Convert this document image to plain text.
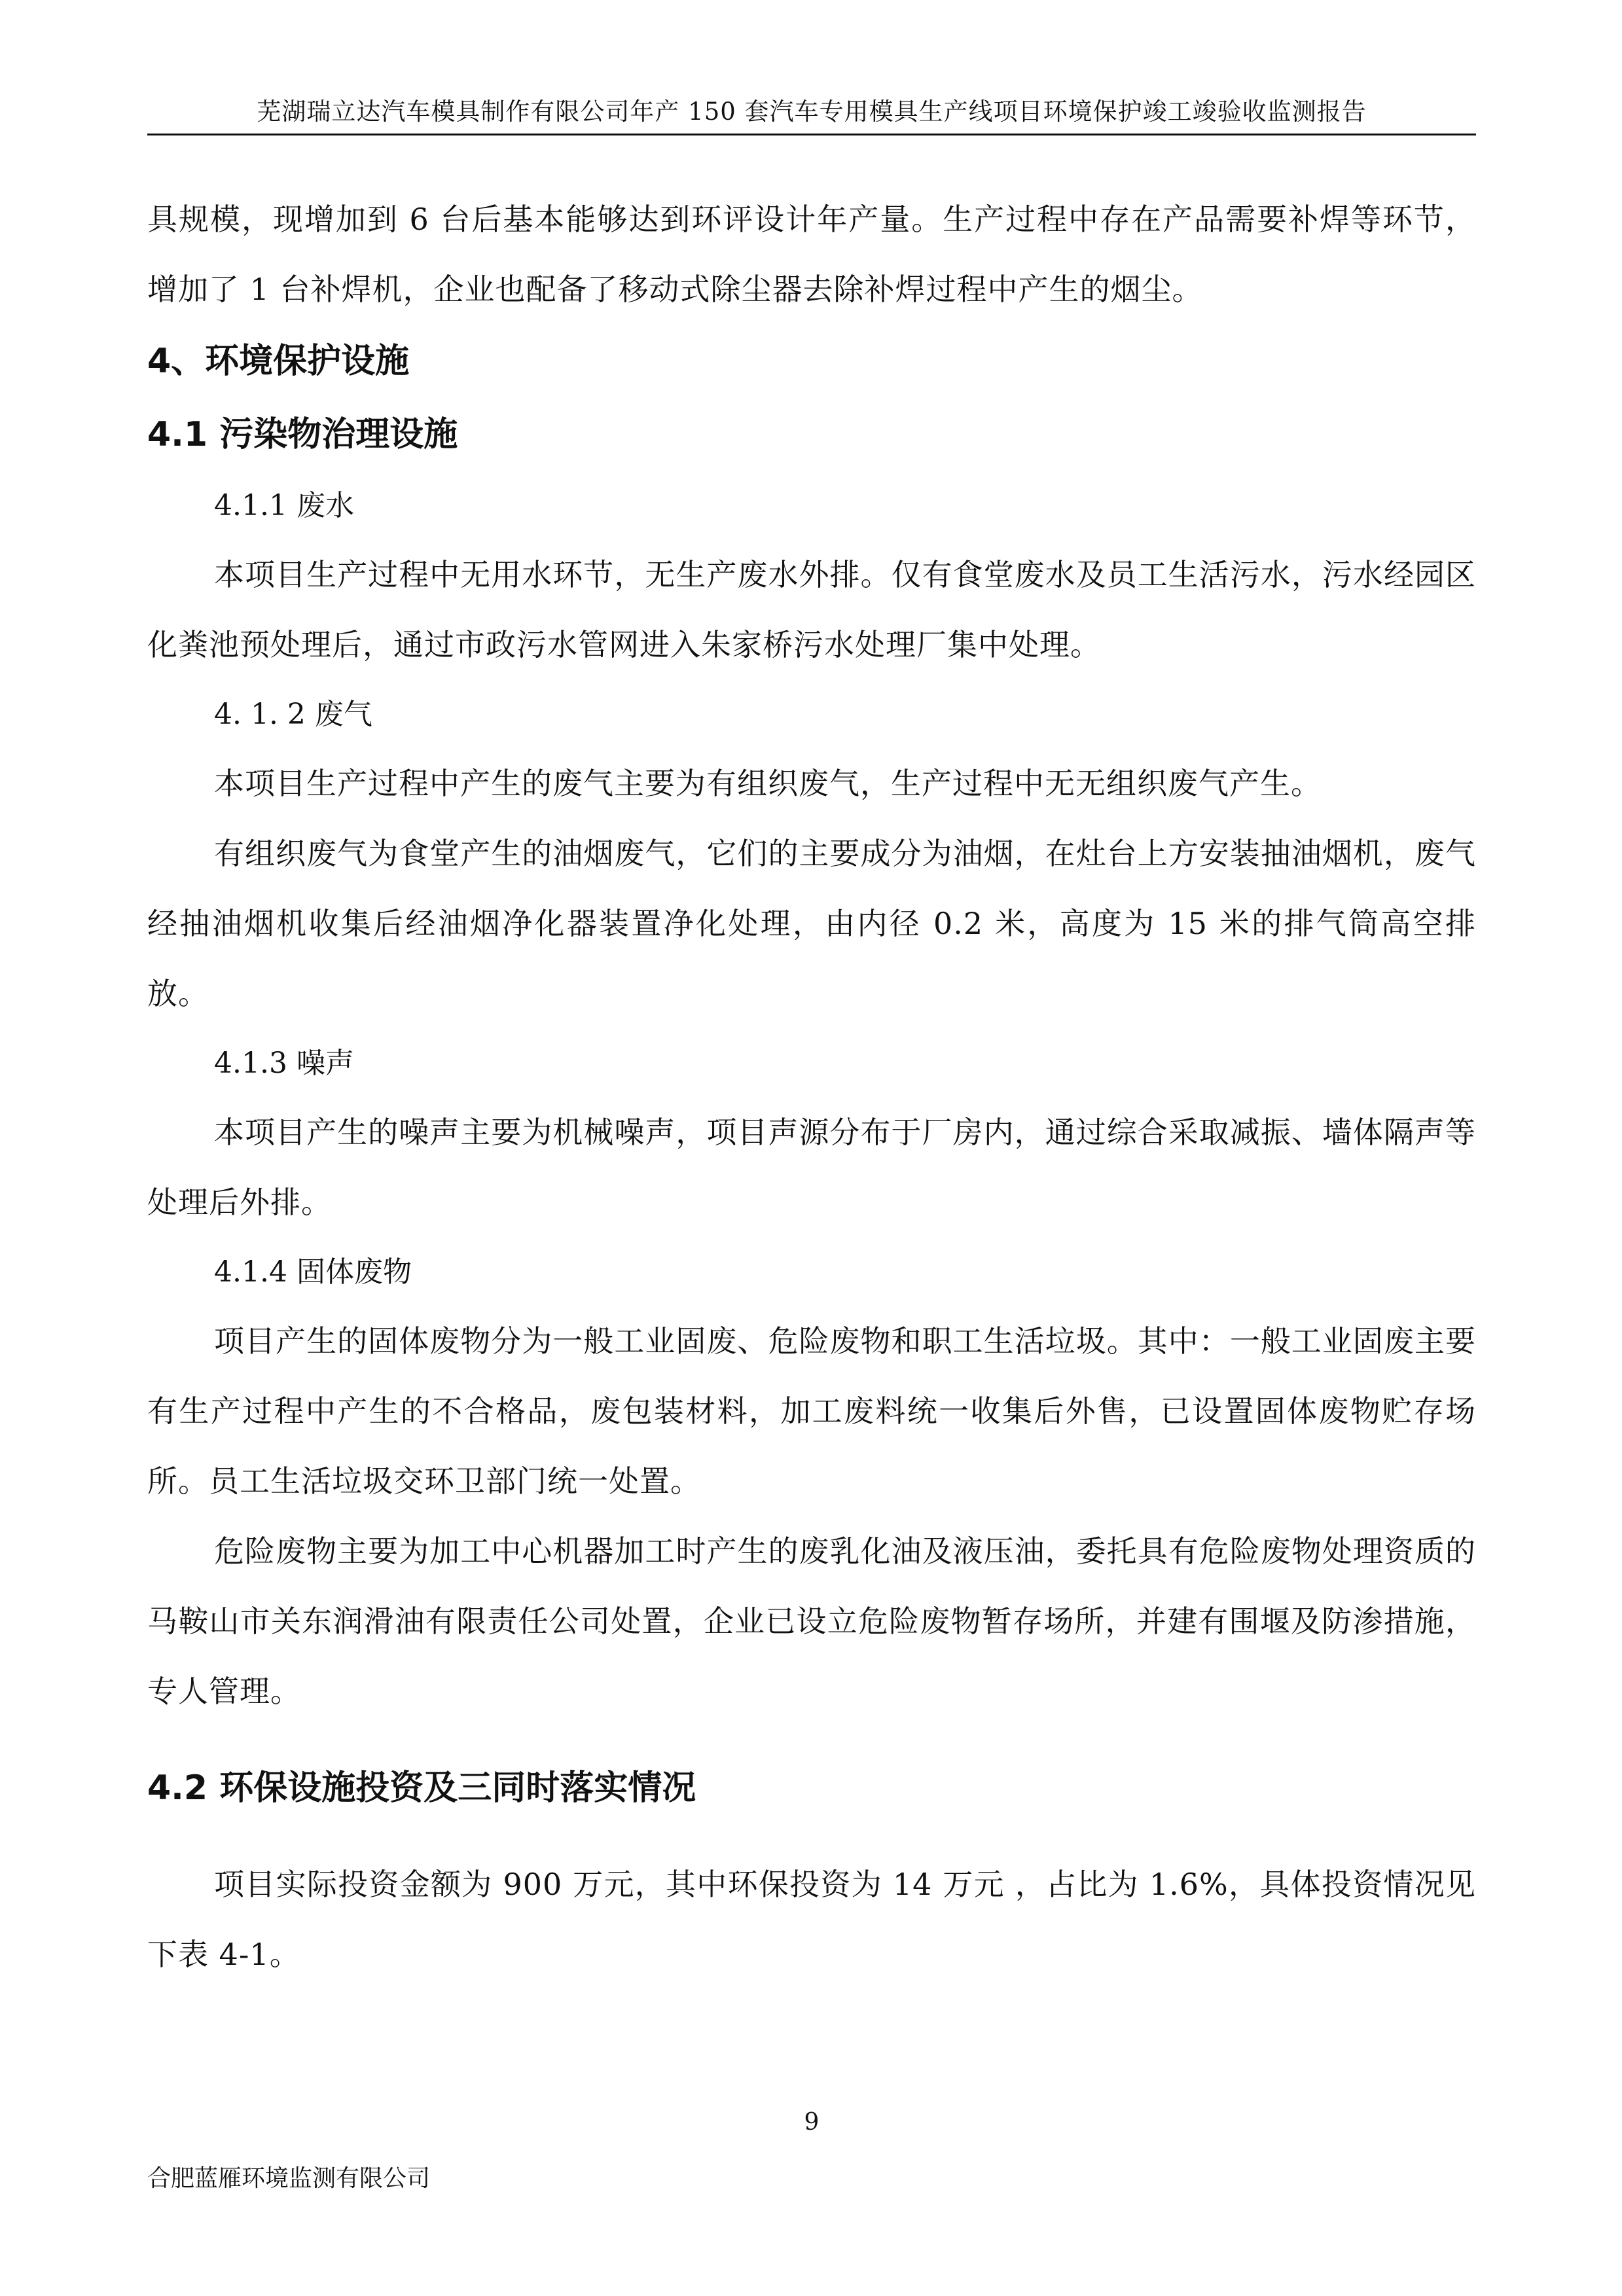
芜湖瑞立达汽车模具制作有限公司年产 150 套汽车专用模具生产线项目环境保护竣工竣验收监测报告

具规模，现增加到 6 台后基本能够达到环评设计年产量。生产过程中存在产品需要补焊等环节，增加了 1 台补焊机，企业也配备了移动式除尘器去除补焊过程中产生的烟尘。

4、环境保护设施
4.1 污染物治理设施

4.1.1 废水

本项目生产过程中无用水环节，无生产废水外排。仅有食堂废水及员工生活污水，污水经园区化粪池预处理后，通过市政污水管网进入朱家桥污水处理厂集中处理。

4. 1. 2 废气

本项目生产过程中产生的废气主要为有组织废气，生产过程中无无组织废气产生。

有组织废气为食堂产生的油烟废气，它们的主要成分为油烟，在灶台上方安装抽油烟机，废气经抽油烟机收集后经油烟净化器装置净化处理，由内径 0.2 米，高度为 15 米的排气筒高空排放。

4.1.3 噪声

本项目产生的噪声主要为机械噪声，项目声源分布于厂房内，通过综合采取减振、墙体隔声等处理后外排。

4.1.4 固体废物

项目产生的固体废物分为一般工业固废、危险废物和职工生活垃圾。其中：一般工业固废主要有生产过程中产生的不合格品，废包装材料，加工废料统一收集后外售，已设置固体废物贮存场所。员工生活垃圾交环卫部门统一处置。

危险废物主要为加工中心机器加工时产生的废乳化油及液压油，委托具有危险废物处理资质的马鞍山市关东润滑油有限责任公司处置，企业已设立危险废物暂存场所，并建有围堰及防渗措施，专人管理。

4.2 环保设施投资及三同时落实情况

项目实际投资金额为 900 万元，其中环保投资为 14 万元 ，占比为 1.6%，具体投资情况见下表 4-1。

9
合肥蓝雁环境监测有限公司
